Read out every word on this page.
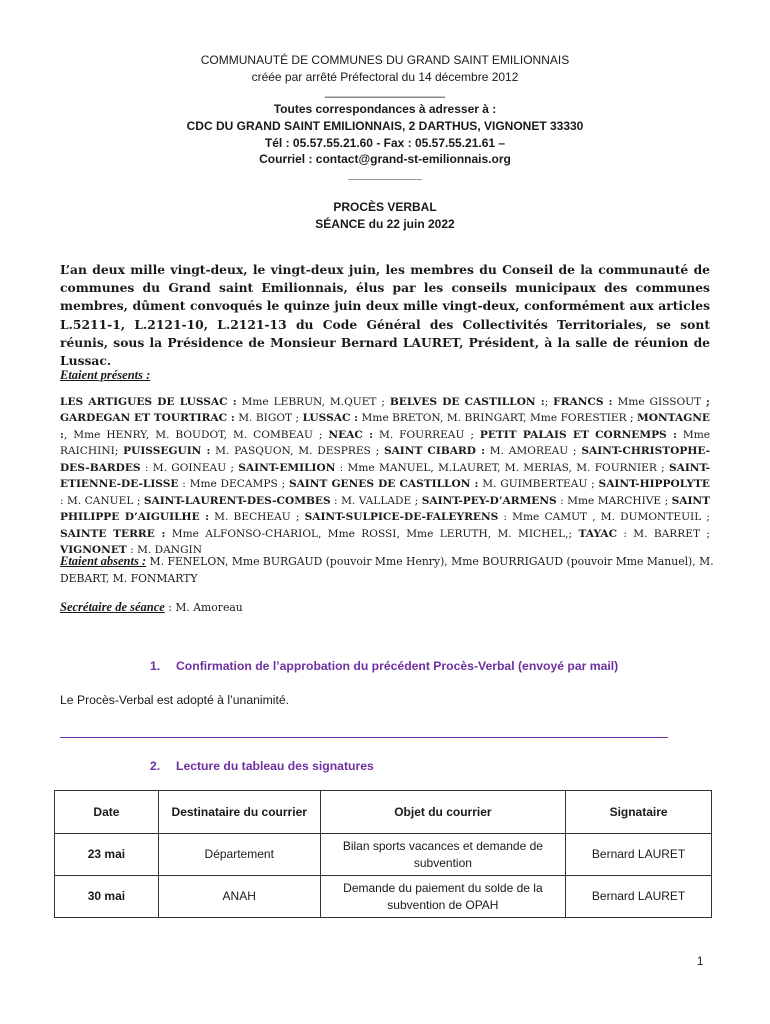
COMMUNAUTÉ DE COMMUNES DU GRAND SAINT EMILIONNAIS
créée par arrêté Préfectoral du 14 décembre 2012
__________________
Toutes correspondances à adresser à :
CDC DU GRAND SAINT EMILIONNAIS, 2 DARTHUS, VIGNONET 33330
Tél : 05.57.55.21.60 - Fax : 05.57.55.21.61 –
Courriel : contact@grand-st-emilionnais.org
___________
PROCÈS VERBAL
SÉANCE du 22 juin 2022
L’an deux mille vingt-deux, le vingt-deux juin, les membres du Conseil de la communauté de communes du Grand saint Emilionnais, élus par les conseils municipaux des communes membres, dûment convoqués le quinze juin deux mille vingt-deux, conformément aux articles L.5211-1, L.2121-10, L.2121-13 du Code Général des Collectivités Territoriales, se sont réunis, sous la Présidence de Monsieur Bernard LAURET, Président, à la salle de réunion de Lussac.
Etaient présents :
LES ARTIGUES DE LUSSAC : Mme LEBRUN, M.QUET ; BELVES DE CASTILLON :; FRANCS : Mme GISSOUT ; GARDEGAN ET TOURTIRAC : M. BIGOT ; LUSSAC : Mme BRETON, M. BRINGART, Mme FORESTIER ; MONTAGNE :, Mme HENRY, M. BOUDOT, M. COMBEAU ; NEAC : M. FOURREAU ; PETIT PALAIS ET CORNEMPS : Mme RAICHINI; PUISSEGUIN : M. PASQUON, M. DESPRES ; SAINT CIBARD : M. AMOREAU ; SAINT-CHRISTOPHE-DES-BARDES : M. GOINEAU ; SAINT-EMILION : Mme MANUEL, M.LAURET, M. MERIAS, M. FOURNIER ; SAINT-ETIENNE-DE-LISSE : Mme DECAMPS ; SAINT GENES DE CASTILLON : M. GUIMBERTEAU ; SAINT-HIPPOLYTE : M. CANUEL ; SAINT-LAURENT-DES-COMBES : M. VALLADE ; SAINT-PEY-D’ARMENS : Mme MARCHIVE ; SAINT PHILIPPE D’AIGUILHE : M. BECHEAU ; SAINT-SULPICE-DE-FALEYRENS : Mme CAMUT , M. DUMONTEUIL ; SAINTE TERRE : Mme ALFONSO-CHARIOL, Mme ROSSI, Mme LERUTH, M. MICHEL,; TAYAC : M. BARRET ; VIGNONET : M. DANGIN
Etaient absents : M. FENELON, Mme BURGAUD (pouvoir Mme Henry), Mme BOURRIGAUD (pouvoir Mme Manuel), M. DEBART, M. FONMARTY
Secrétaire de séance : M. Amoreau
1. Confirmation de l’approbation du précédent Procès-Verbal (envoyé par mail)
Le Procès-Verbal est adopté à l’unanimité.
2. Lecture du tableau des signatures
Date	Destinataire du courrier	Objet du courrier	Signataire
23 mai	Département	Bilan sports vacances et demande de subvention	Bernard LAURET
30 mai	ANAH	Demande du paiement du solde de la subvention de OPAH	Bernard LAURET
1
